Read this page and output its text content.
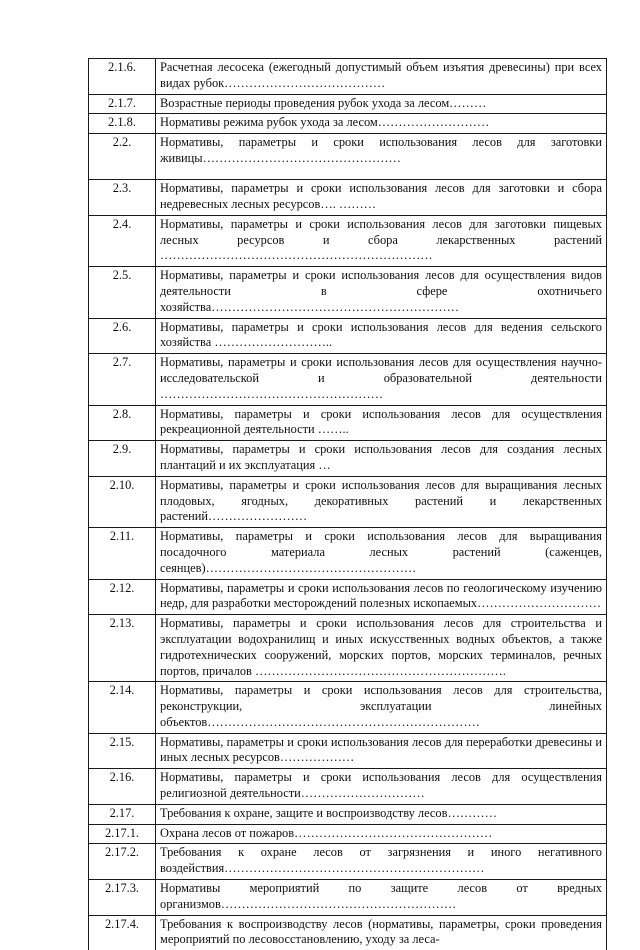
2.1.6.	Расчетная лесосека (ежегодный допустимый объем изъятия древесины) при всех видах рубок…………………………………
2.1.7.	Возрастные периоды проведения рубок ухода за лесом………
2.1.8.	Нормативы режима рубок ухода за лесом………………………
2.2.	Нормативы, параметры и сроки использования лесов для заготовки живицы…………………………………………
2.3.	Нормативы, параметры и сроки использования лесов для заготовки и сбора недревесных лесных ресурсов…. ………
2.4.	Нормативы, параметры и сроки использования лесов для заготовки пищевых лесных ресурсов и сбора лекарственных растений …………………………………………………………
2.5.	Нормативы, параметры и сроки использования лесов для осуществления видов деятельности в сфере охотничьего хозяйства……………………………………………………
2.6.	Нормативы, параметры и сроки использования лесов для ведения сельского хозяйства ………………………..
2.7.	Нормативы, параметры и сроки использования лесов для осуществления научно-исследовательской и образовательной деятельности ………………………………………………
2.8.	Нормативы, параметры и сроки использования лесов для осуществления рекреационной деятельности ……..
2.9.	Нормативы, параметры и сроки использования лесов для создания лесных плантаций и их эксплуатация …
2.10.	Нормативы, параметры и сроки использования лесов для выращивания лесных плодовых, ягодных, декоративных растений и лекарственных растений……………………
2.11.	Нормативы, параметры и сроки использования лесов для выращивания посадочного материала лесных растений (саженцев, сеянцев)……………………………………………
2.12.	Нормативы, параметры и сроки использования лесов по геологическому изучению недр, для разработки месторождений полезных ископаемых…………………………
2.13.	Нормативы, параметры и сроки использования лесов для строительства и эксплуатации водохранилищ и иных искусственных водных объектов, а также гидротехнических сооружений, морских портов, морских терминалов, речных портов, причалов …………………………………………………….
2.14.	Нормативы, параметры и сроки использования лесов для строительства, реконструкции, эксплуатации линейных объектов…………………………………………………………
2.15.	Нормативы, параметры и сроки использования лесов для переработки древесины и иных лесных ресурсов………………
2.16.	Нормативы, параметры и сроки использования лесов для осуществления религиозной деятельности…………………………
2.17.	Требования к охране, защите и воспроизводству лесов…………
2.17.1.	Охрана лесов от пожаров…………………………………………
2.17.2.	Требования к охране лесов от загрязнения и иного негативного воздействия………………………………………………………
2.17.3.	Нормативы мероприятий по защите лесов от вредных организмов…………………………………………………
2.17.4.	Требования к воспроизводству лесов (нормативы, параметры, сроки проведения мероприятий по лесовосстановлению, уходу за леса-
